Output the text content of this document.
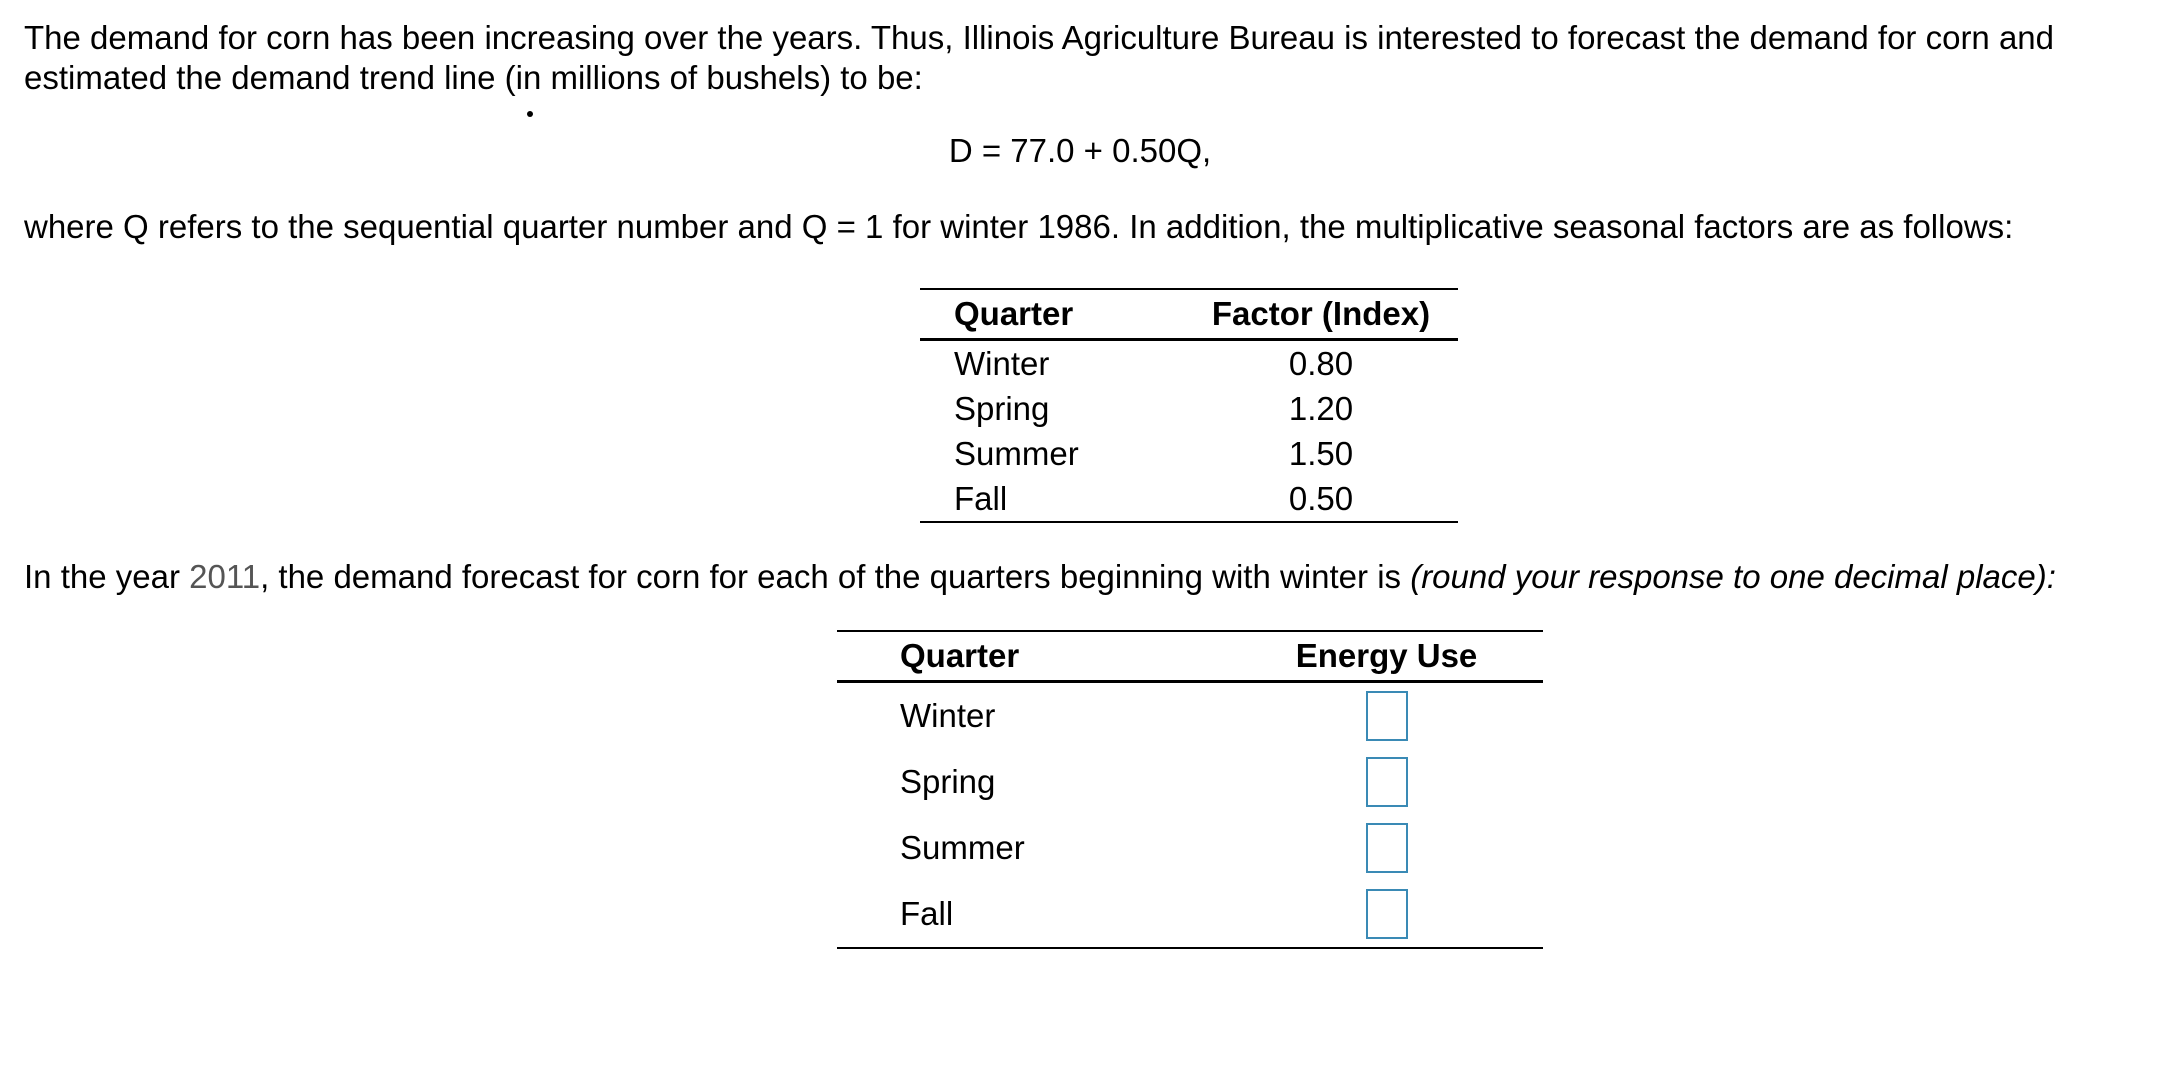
The demand for corn has been increasing over the years. Thus, Illinois Agriculture Bureau is interested to forecast the demand for corn and

estimated the demand trend line (in millions of bushels) to be:

D = 77.0 + 0.50Q,

where Q refers to the sequential quarter number and Q = 1 for winter 1986. In addition, the multiplicative seasonal factors are as follows:

Quarter	Factor (Index)
Winter	0.80
Spring	1.20
Summer	1.50
Fall	0.50

In the year 2011, the demand forecast for corn for each of the quarters beginning with winter is (round your response to one decimal place):

Quarter	Energy Use
Winter	
Spring	
Summer	
Fall	
